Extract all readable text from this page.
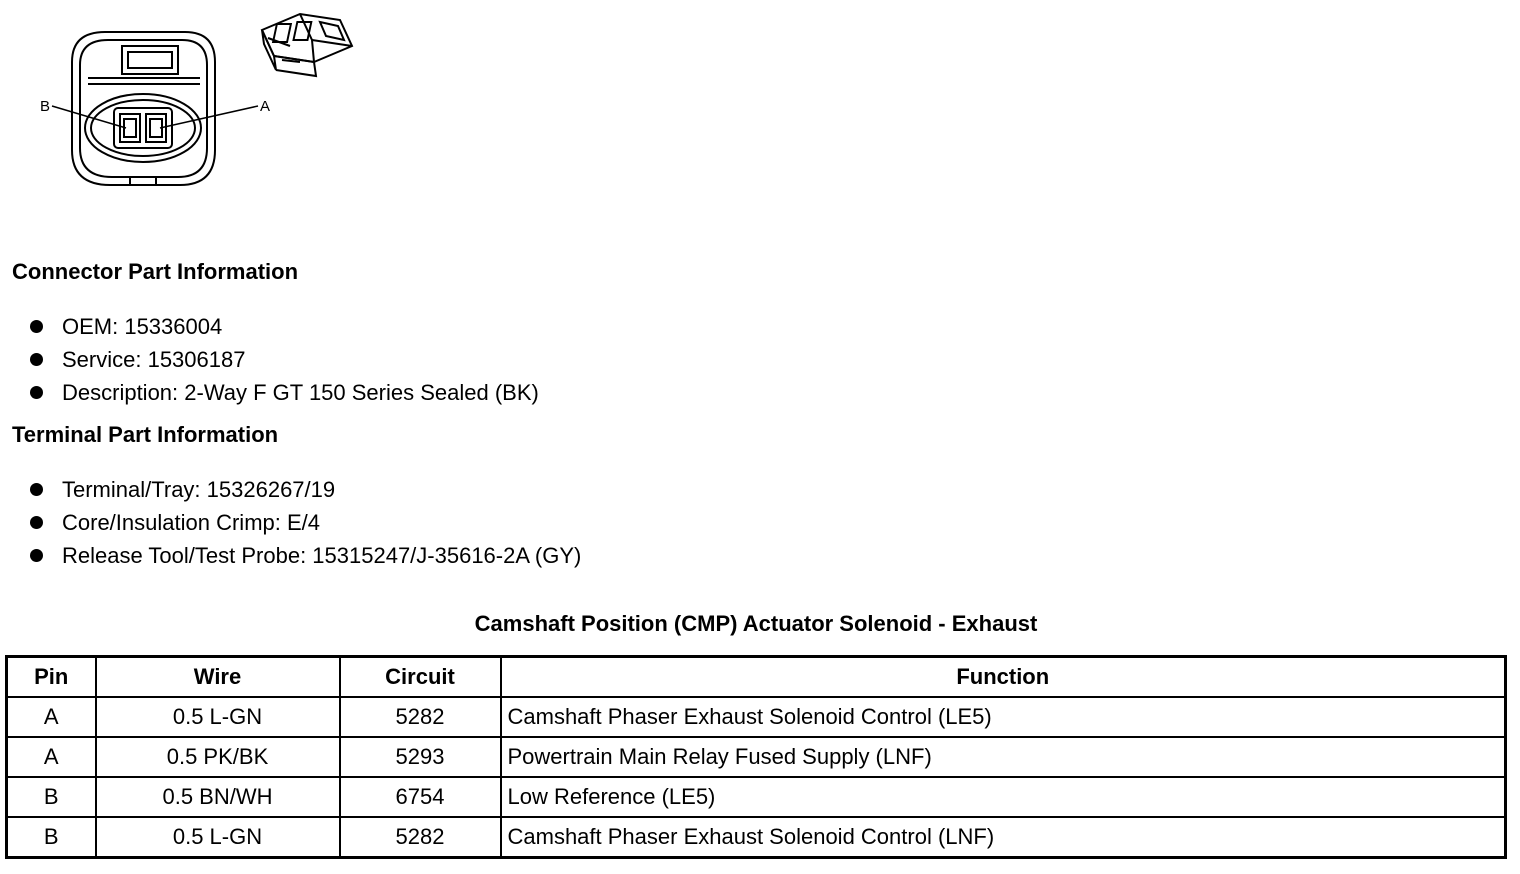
B	A
Connector Part Information
OEM: 15336004
Service: 15306187
Description: 2-Way F GT 150 Series Sealed (BK)
Terminal Part Information
Terminal/Tray: 15326267/19
Core/Insulation Crimp: E/4
Release Tool/Test Probe: 15315247/J-35616-2A (GY)
Camshaft Position (CMP) Actuator Solenoid - Exhaust
Pin	Wire	Circuit	Function
A	0.5 L-GN	5282	Camshaft Phaser Exhaust Solenoid Control (LE5)
A	0.5 PK/BK	5293	Powertrain Main Relay Fused Supply (LNF)
B	0.5 BN/WH	6754	Low Reference (LE5)
B	0.5 L-GN	5282	Camshaft Phaser Exhaust Solenoid Control (LNF)
